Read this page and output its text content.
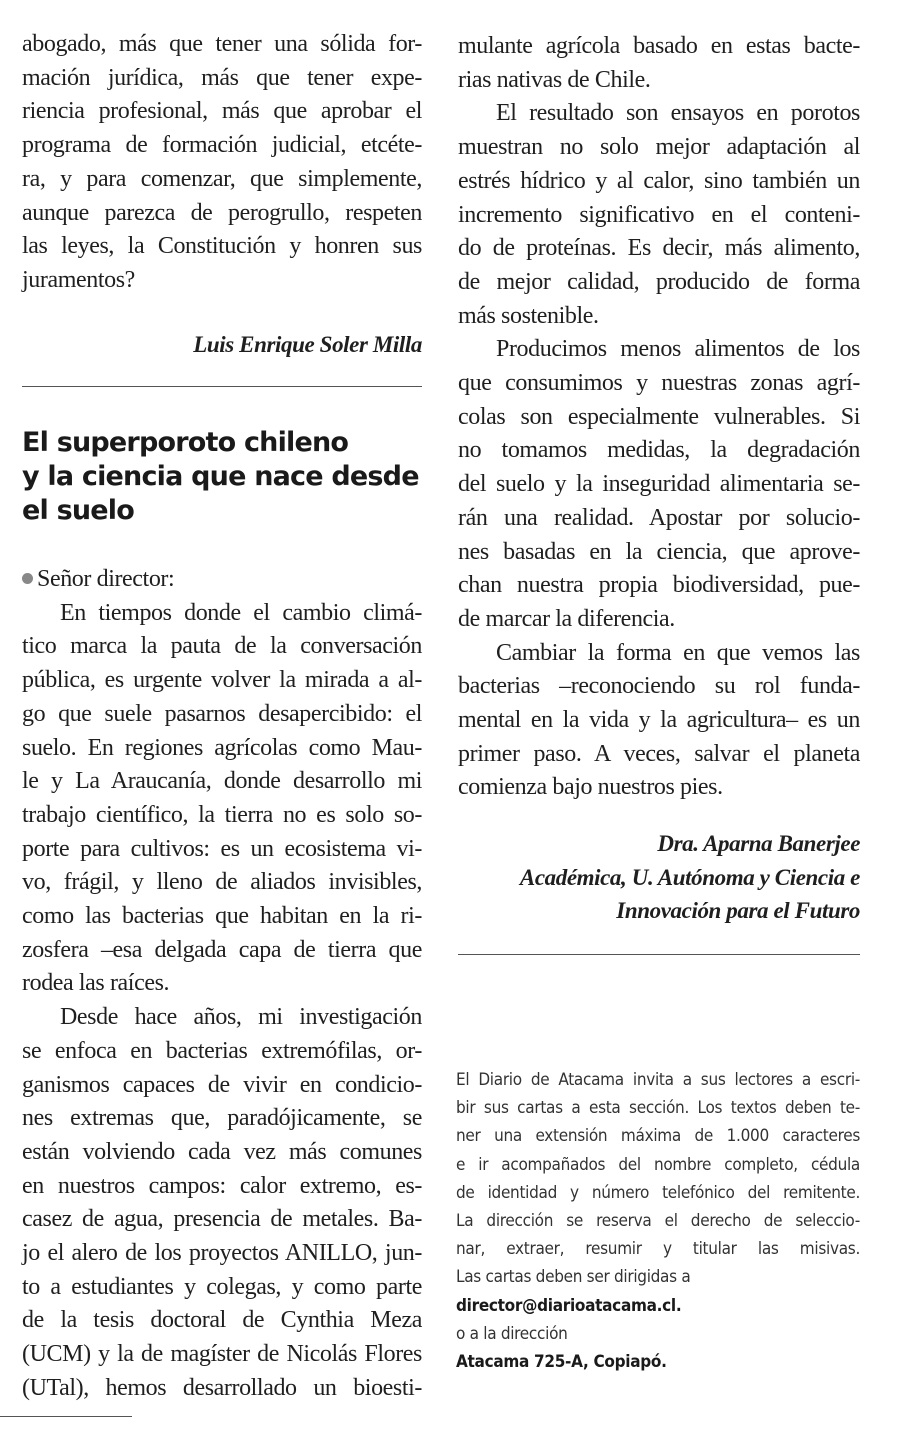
abogado, más que tener una sólida for-
mación jurídica, más que tener expe-
riencia profesional, más que aprobar el
programa de formación judicial, etcéte-
ra, y para comenzar, que simplemente,
aunque parezca de perogrullo, respeten
las leyes, la Constitución y honren sus
juramentos?
Luis Enrique Soler Milla
El superporoto chileno
y la ciencia que nace desde
el suelo
Señor director:
En tiempos donde el cambio climá-
tico marca la pauta de la conversación
pública, es urgente volver la mirada a al-
go que suele pasarnos desapercibido: el
suelo. En regiones agrícolas como Mau-
le y La Araucanía, donde desarrollo mi
trabajo científico, la tierra no es solo so-
porte para cultivos: es un ecosistema vi-
vo, frágil, y lleno de aliados invisibles,
como las bacterias que habitan en la ri-
zosfera –esa delgada capa de tierra que
rodea las raíces.
Desde hace años, mi investigación
se enfoca en bacterias extremófilas, or-
ganismos capaces de vivir en condicio-
nes extremas que, paradójicamente, se
están volviendo cada vez más comunes
en nuestros campos: calor extremo, es-
casez de agua, presencia de metales. Ba-
jo el alero de los proyectos ANILLO, jun-
to a estudiantes y colegas, y como parte
de la tesis doctoral de Cynthia Meza
(UCM) y la de magíster de Nicolás Flores
(UTal), hemos desarrollado un bioesti-
mulante agrícola basado en estas bacte-
rias nativas de Chile.
El resultado son ensayos en porotos
muestran no solo mejor adaptación al
estrés hídrico y al calor, sino también un
incremento significativo en el conteni-
do de proteínas. Es decir, más alimento,
de mejor calidad, producido de forma
más sostenible.
Producimos menos alimentos de los
que consumimos y nuestras zonas agrí-
colas son especialmente vulnerables. Si
no tomamos medidas, la degradación
del suelo y la inseguridad alimentaria se-
rán una realidad. Apostar por solucio-
nes basadas en la ciencia, que aprove-
chan nuestra propia biodiversidad, pue-
de marcar la diferencia.
Cambiar la forma en que vemos las
bacterias –reconociendo su rol funda-
mental en la vida y la agricultura– es un
primer paso. A veces, salvar el planeta
comienza bajo nuestros pies.
Dra. Aparna Banerjee
Académica, U. Autónoma y Ciencia e
Innovación para el Futuro
El Diario de Atacama invita a sus lectores a escri-
bir sus cartas a esta sección. Los textos deben te-
ner una extensión máxima de 1.000 caracteres
e ir acompañados del nombre completo, cédula
de identidad y número telefónico del remitente.
La dirección se reserva el derecho de seleccio-
nar, extraer, resumir y titular las misivas.
Las cartas deben ser dirigidas a
director@diarioatacama.cl.
o a la dirección
Atacama 725-A, Copiapó.
